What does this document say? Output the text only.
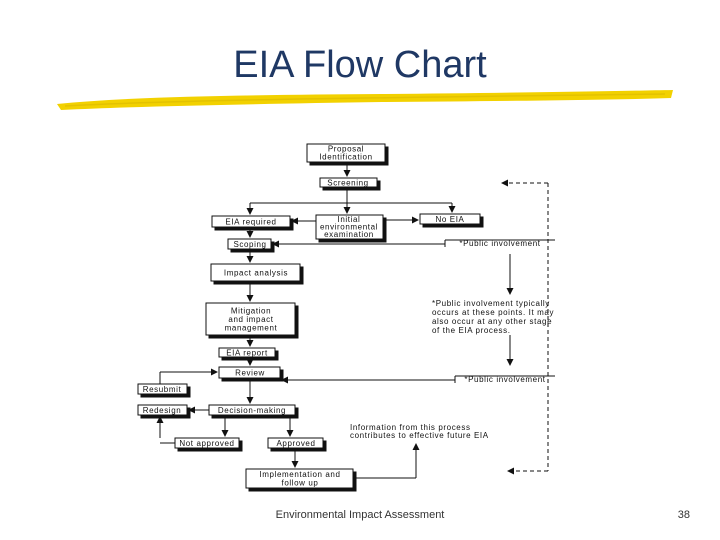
EIA Flow Chart
Proposal
Identification
Screening
EIA required	Initial
environmental
examination
No EIA
*Public involvement
Scoping
Impact analysis
Mitigation
and impact
management
*Public involvement typically
occurs at these points. It may
also occur at any other stage
of the EIA process.
EIA report
Review
*Public involvement
Resubmit
Redesign	Decision-making
Information from this process
contributes to effective future EIA
Not approved	Approved
Implementation and
follow up
Environmental Impact Assessment	38
